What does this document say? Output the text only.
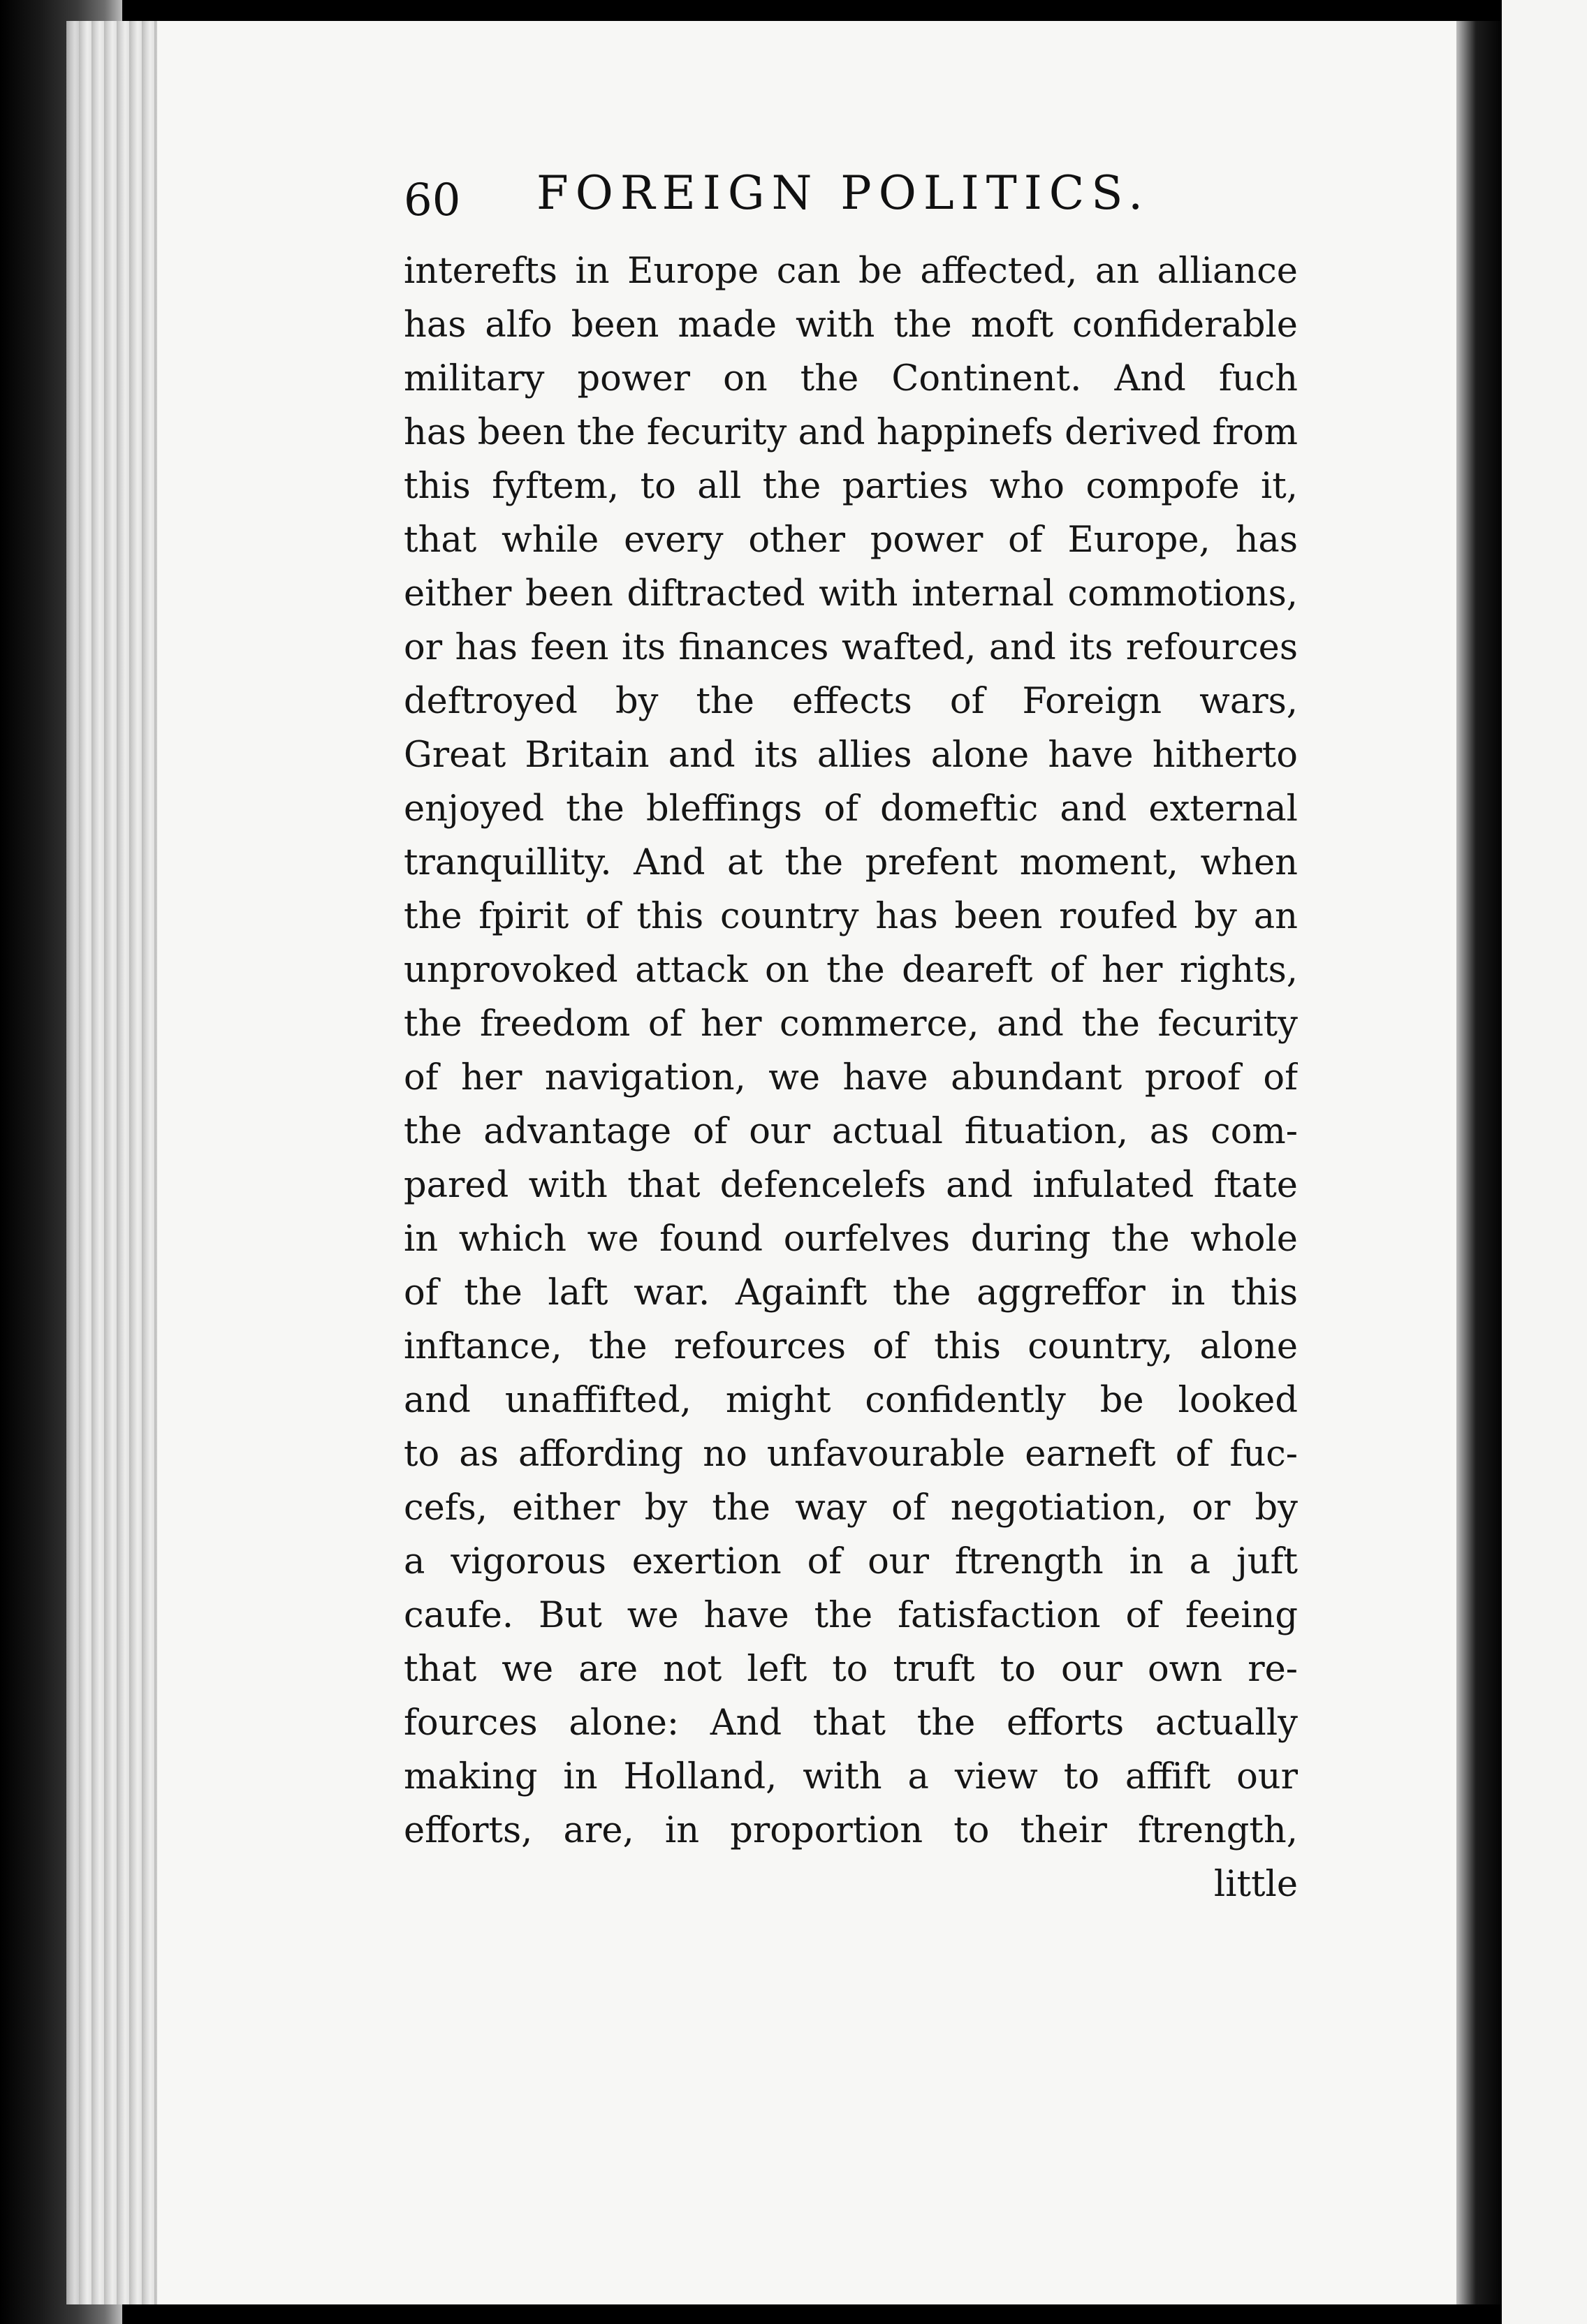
60 FOREIGN POLITICS.
interefts in Europe can be affected, an alliance
has alfo been made with the moft confiderable
military power on the Continent. And fuch
has been the fecurity and happinefs derived from
this fyftem, to all the parties who compofe it,
that while every other power of Europe, has
either been diftracted with internal commotions,
or has feen its finances wafted, and its refources
deftroyed by the effects of Foreign wars,
Great Britain and its allies alone have hitherto
enjoyed the bleffings of domeftic and external
tranquillity. And at the prefent moment, when
the fpirit of this country has been roufed by an
unprovoked attack on the deareft of her rights,
the freedom of her commerce, and the fecurity
of her navigation, we have abundant proof of
the advantage of our actual fituation, as com-
pared with that defencelefs and infulated ftate
in which we found ourfelves during the whole
of the laft war. Againft the aggreffor in this
inftance, the refources of this country, alone
and unaffifted, might confidently be looked
to as affording no unfavourable earneft of fuc-
cefs, either by the way of negotiation, or by
a vigorous exertion of our ftrength in a juft
caufe. But we have the fatisfaction of feeing
that we are not left to truft to our own re-
fources alone: And that the efforts actually
making in Holland, with a view to affift our
efforts, are, in proportion to their ftrength,
little
